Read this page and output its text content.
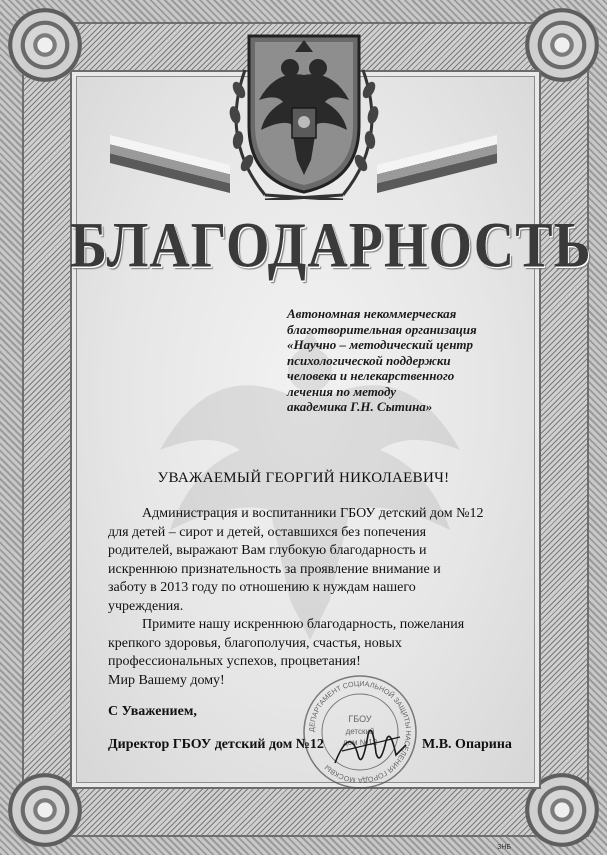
БЛАГОДАРНОСТЬ
Автономная некоммерческая
благотворительная организация
«Научно – методический центр
психологической поддержки
человека и нелекарственного
лечения по методу
академика Г.Н. Сытина»
УВАЖАЕМЫЙ ГЕОРГИЙ НИКОЛАЕВИЧ!
Администрация и воспитанники ГБОУ детский дом №12
для детей – сирот и детей, оставшихся без попечения
родителей, выражают Вам глубокую благодарность и
искреннюю признательность за проявление внимание и
заботу в 2013 году по отношению к нуждам нашего
учреждения.
Примите нашу искреннюю благодарность, пожелания
крепкого здоровья, благополучия, счастья, новых
профессиональных успехов, процветания!
Мир Вашему дому!
ДЕПАРТАМЕНТ СОЦИАЛЬНОЙ ЗАЩИТЫ НАСЕЛЕНИЯ ГОРОДА МОСКВЫ
ГБОУ
детский
дом №12
С Уважением,
Директор ГБОУ детский дом №12	М.В. Опарина
ЗНБ
